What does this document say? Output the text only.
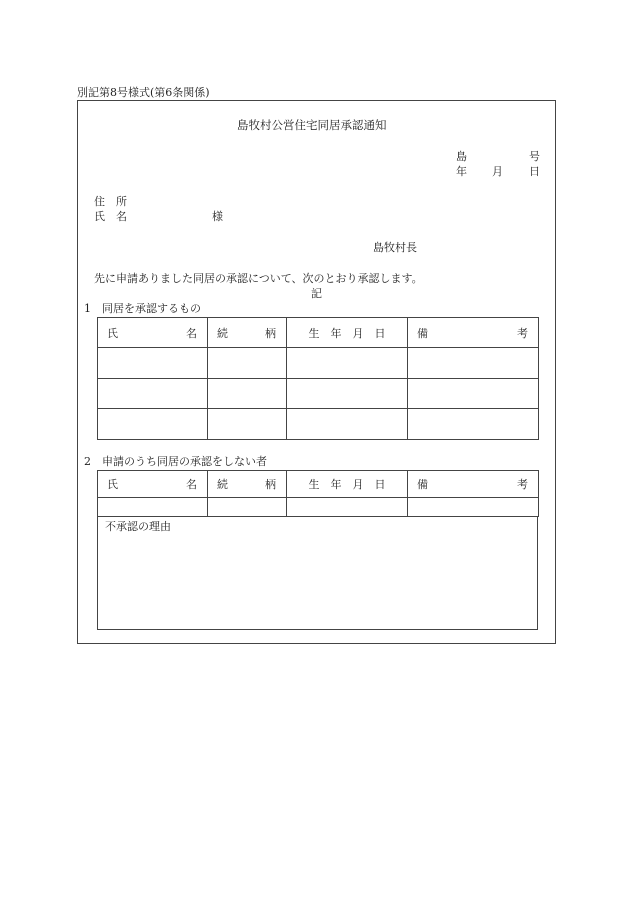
別記第8号様式(第6条関係)
島牧村公営住宅同居承認通知
島	号
年 月 日
住　所
氏　名	様
島牧村長
先に申請ありました同居の承認について、次のとおり承認します。
記
1　同居を承認するもの
氏 名	続 柄	生　年　月　日	備 考

2　申請のうち同居の承認をしない者
氏 名	続 柄	生　年　月　日	備 考

不承認の理由
